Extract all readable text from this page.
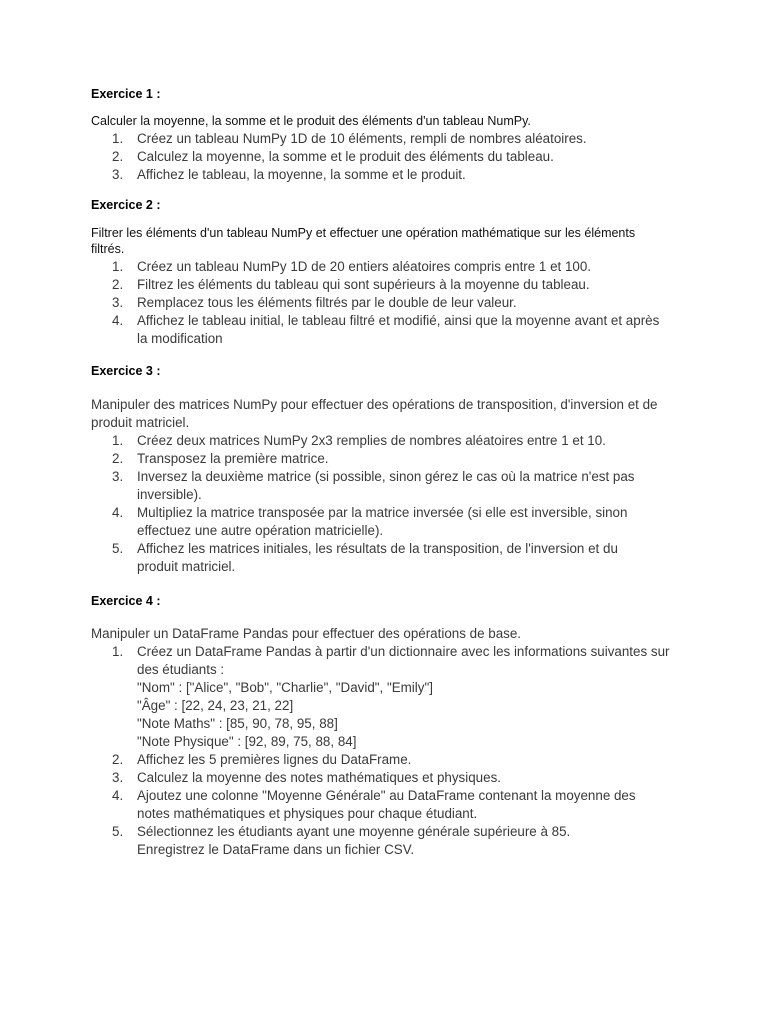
Exercice 1 :
Calculer la moyenne, la somme et le produit des éléments d'un tableau NumPy.
1. Créez un tableau NumPy 1D de 10 éléments, rempli de nombres aléatoires.
2. Calculez la moyenne, la somme et le produit des éléments du tableau.
3. Affichez le tableau, la moyenne, la somme et le produit.
Exercice 2 :
Filtrer les éléments d'un tableau NumPy et effectuer une opération mathématique sur les éléments
filtrés.
1. Créez un tableau NumPy 1D de 20 entiers aléatoires compris entre 1 et 100.
2. Filtrez les éléments du tableau qui sont supérieurs à la moyenne du tableau.
3. Remplacez tous les éléments filtrés par le double de leur valeur.
4. Affichez le tableau initial, le tableau filtré et modifié, ainsi que la moyenne avant et après la modification
Exercice 3 :
Manipuler des matrices NumPy pour effectuer des opérations de transposition, d'inversion et de produit matriciel.
1. Créez deux matrices NumPy 2x3 remplies de nombres aléatoires entre 1 et 10.
2. Transposez la première matrice.
3. Inversez la deuxième matrice (si possible, sinon gérez le cas où la matrice n'est pas inversible).
4. Multipliez la matrice transposée par la matrice inversée (si elle est inversible, sinon effectuez une autre opération matricielle).
5. Affichez les matrices initiales, les résultats de la transposition, de l'inversion et du produit matriciel.
Exercice 4 :
Manipuler un DataFrame Pandas pour effectuer des opérations de base.
1. Créez un DataFrame Pandas à partir d'un dictionnaire avec les informations suivantes sur des étudiants :
"Nom" : ["Alice", "Bob", "Charlie", "David", "Emily"]
"Âge" : [22, 24, 23, 21, 22]
"Note Maths" : [85, 90, 78, 95, 88]
"Note Physique" : [92, 89, 75, 88, 84]
2. Affichez les 5 premières lignes du DataFrame.
3. Calculez la moyenne des notes mathématiques et physiques.
4. Ajoutez une colonne "Moyenne Générale" au DataFrame contenant la moyenne des notes mathématiques et physiques pour chaque étudiant.
5. Sélectionnez les étudiants ayant une moyenne générale supérieure à 85.
Enregistrez le DataFrame dans un fichier CSV.
